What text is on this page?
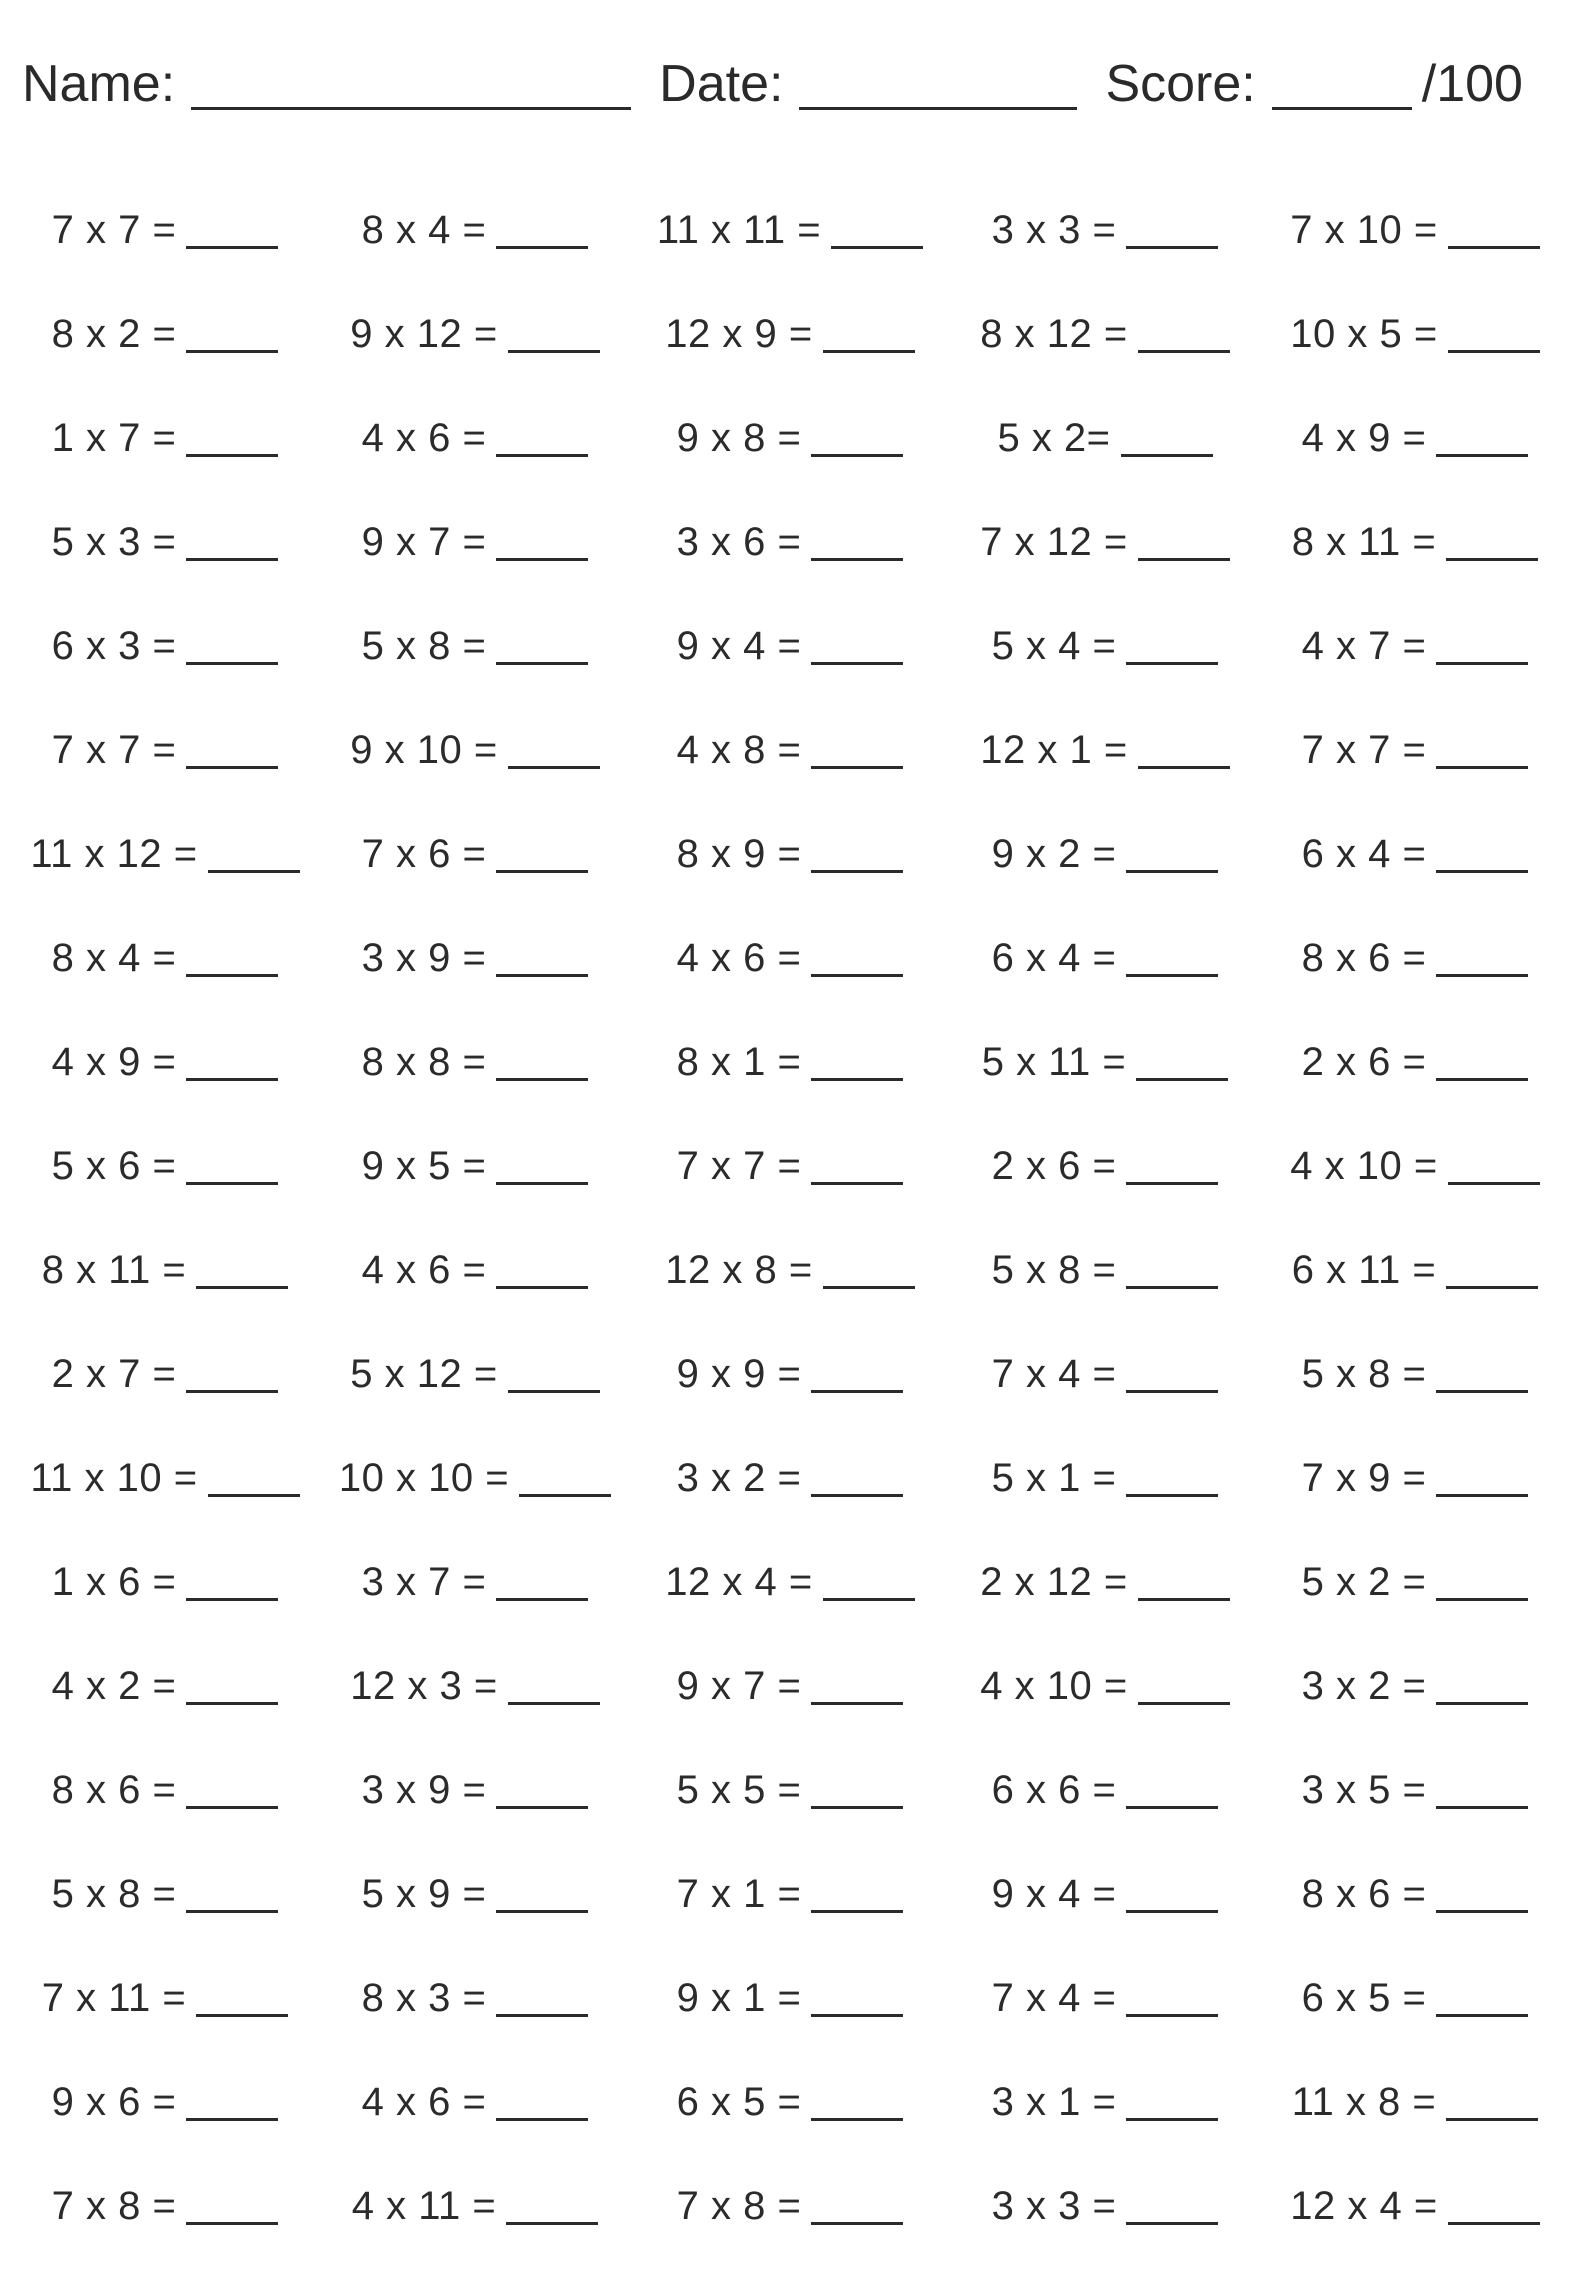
Name:	Date:	Score:	/100
7 x 7 =	8 x 4 =	11 x 11 =	3 x 3 =	7 x 10 =
8 x 2 =	9 x 12 =	12 x 9 =	8 x 12 =	10 x 5 =
1 x 7 =	4 x 6 =	9 x 8 =	5 x 2=	4 x 9 =
5 x 3 =	9 x 7 =	3 x 6 =	7 x 12 =	8 x 11 =
6 x 3 =	5 x 8 =	9 x 4 =	5 x 4 =	4 x 7 =
7 x 7 =	9 x 10 =	4 x 8 =	12 x 1 =	7 x 7 =
11 x 12 =	7 x 6 =	8 x 9 =	9 x 2 =	6 x 4 =
8 x 4 =	3 x 9 =	4 x 6 =	6 x 4 =	8 x 6 =
4 x 9 =	8 x 8 =	8 x 1 =	5 x 11 =	2 x 6 =
5 x 6 =	9 x 5 =	7 x 7 =	2 x 6 =	4 x 10 =
8 x 11 =	4 x 6 =	12 x 8 =	5 x 8 =	6 x 11 =
2 x 7 =	5 x 12 =	9 x 9 =	7 x 4 =	5 x 8 =
11 x 10 =	10 x 10 =	3 x 2 =	5 x 1 =	7 x 9 =
1 x 6 =	3 x 7 =	12 x 4 =	2 x 12 =	5 x 2 =
4 x 2 =	12 x 3 =	9 x 7 =	4 x 10 =	3 x 2 =
8 x 6 =	3 x 9 =	5 x 5 =	6 x 6 =	3 x 5 =
5 x 8 =	5 x 9 =	7 x 1 =	9 x 4 =	8 x 6 =
7 x 11 =	8 x 3 =	9 x 1 =	7 x 4 =	6 x 5 =
9 x 6 =	4 x 6 =	6 x 5 =	3 x 1 =	11 x 8 =
7 x 8 =	4 x 11 =	7 x 8 =	3 x 3 =	12 x 4 =
